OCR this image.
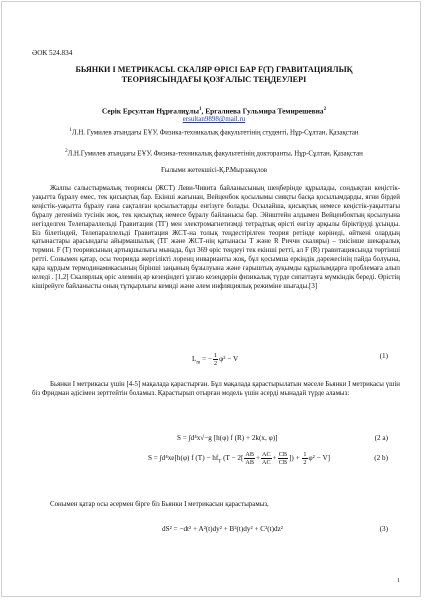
ӘОК 524.834
БЬЯНКИ І МЕТРИКАСЫ. СКАЛЯР ӨРІСІ БАР F(T) ГРАВИТАЦИЯЛЫҚ ТЕОРИЯСЫНДАҒЫ ҚОЗҒАЛЫС ТЕҢДЕУЛЕРІ
Серік Ерсултан Нұрғалиұлы$^1$, Ергалиева Гульмира Темирешевна$^2$
ersultan9898@mail.ru
$^1$Л.Н. Гумилев атындағы ЕҰУ, Физика-техникалық факультетінің студенті, Нұр-Сұлтан, Қазақстан
$^2$Л.Н.Гумилев атындағы ЕҰУ, Физика-техникалық факультетінің докторанты, Нұр-Сұлтан, Қазақстан
Ғылыми жетекшісі-Қ.Р.Мырзакұлов

Жалпы салыстырмалық теориясы (ЖСТ) Леви-Чивита байланысының шеңберінде құрылады, сондықтан кеңістік-уақытта бұралу емес, тек қисықтық бар. Екінші жағынан, Вейценбок қосылымы сияқты басқа қосылымдарды, яғни бірдей кеңістік-уақытта бұралу ғана сақталған қосылыстарды енгізуге болады. Осылайша, қисықтық немесе кеңістік-уақыттағы бұралу дегеніміз тусінік жоқ, тек қисықтық немесе бұралу байланысы бар. Эйнштейн алдымен Вейценбоктың қосылуына негізделген Телепараллельді Гравитация (ТГ) мен электромагнетизмді тетрадтық өрісті енгізу арқылы біріктіруді ұсынды. Біз білетіндей, Телепараллельді Гравитация ЖСТ-на толық теңдестірілген теория ретінде көрінеді, өйткені олардың қатынастары арасындағы айырмашылық (ТГ және ЖСТ-нің қатынасы Т және R Риччи скаляры) – тиісінше шекаралық термин. F (T) теориясының артықшылығы мынада, бұл 369 өріс теңдеуі тек екінші ретті, ал F (R) гравитациясында төртінші ретті. Сонымен қатар, осы теорияда жергілікті лоренц инварианты жоқ, бұл қосымша еркіндік дәрежесінің пайда болуына, қара құрдым термодинамикасының бірінші заңының бұзылуына және ғарыштық ауқымды құрылымдарға проблемаға алып келеді . [1,2] Скалярлық өріс әлемнің әр кезеңіндегі ұлғаю кезеңдерін физикалық түрде сипаттауға мүмкіндік береді. Өрістің кішірейуге байланысты оның тұтқырлығы кемиді және әлем инфляциялық режиміне шығады.[3]

$L_m$ = − $\frac{1}{2} \varphi^2 - V$	(1)

Бьянки I метрикасы үшін [4-5] мақалада қарастырған. Бұл мақалада қарастырылатын мәселе Бьянки I метрикасы үшін біз Фридман әдісімен зерттейтін боламыз. Қарастырып отырған модель үшін әсерді мынадай түрде аламыз:

S = ∫d⁴x√−g [h(φ) f (R) + 2k(x, φ)]	(2 a)
S = ∫d⁴xe[h(φ) f $(T) - hf_T$ ($T - 2[ \frac{AB}{AB} + \frac{AC}{AC} + \frac{CB}{CB}$ ]) + $\frac{1}{2} \varphi^2 - V$]	(2 b)

Сонымен қатар осы әсермен бірге біз Бьянки I метрикасын қарастырамыз,

dS² = −dt² + A²(t)dy² + B²(t)dy² + C²(t)dz²	(3)
1
